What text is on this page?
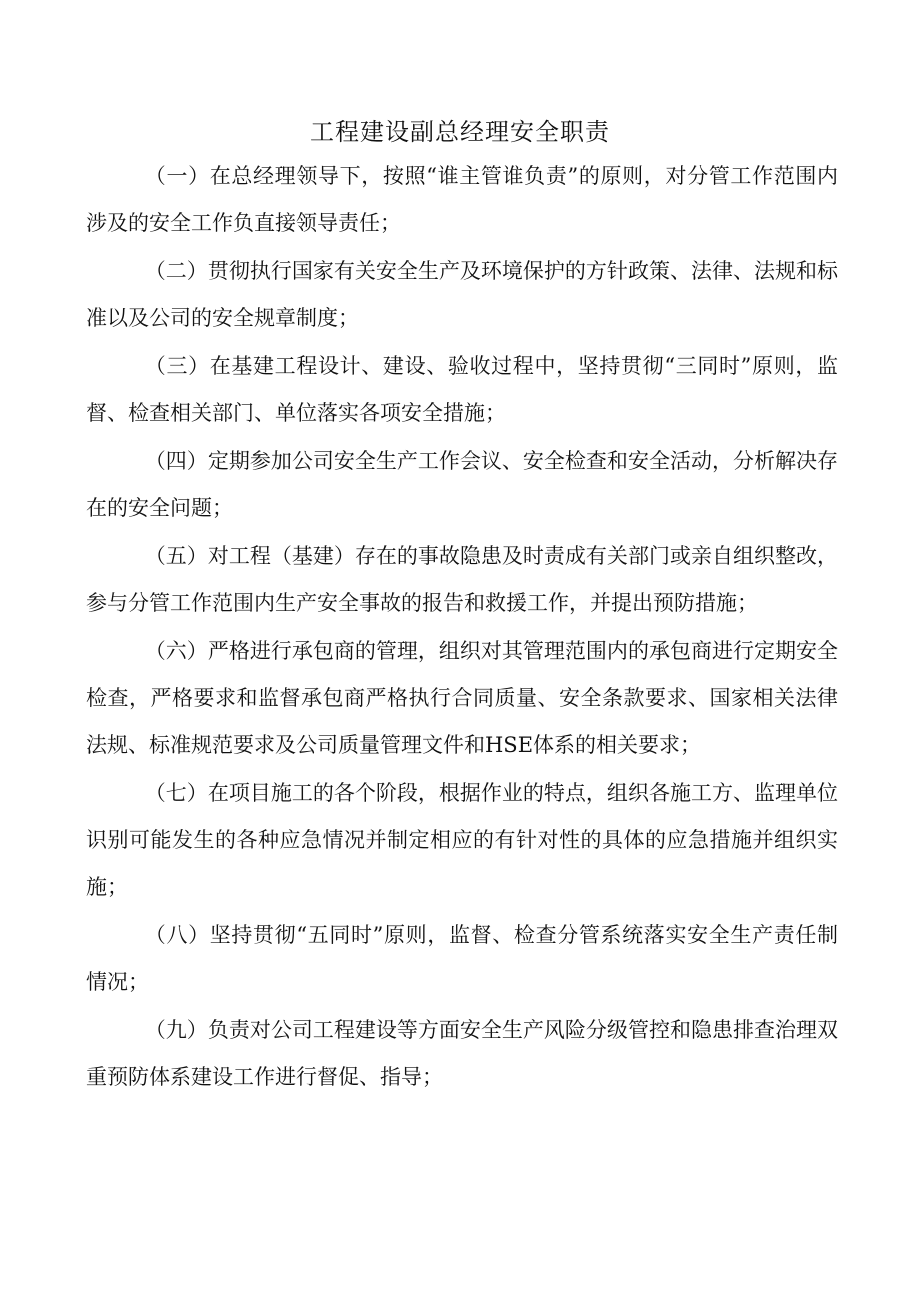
工程建设副总经理安全职责

（一）在总经理领导下，按照“谁主管谁负责”的原则，对分管工作范围内涉及的安全工作负直接领导责任；

（二）贯彻执行国家有关安全生产及环境保护的方针政策、法律、法规和标准以及公司的安全规章制度；

（三）在基建工程设计、建设、验收过程中，坚持贯彻“三同时”原则，监督、检查相关部门、单位落实各项安全措施；

（四）定期参加公司安全生产工作会议、安全检查和安全活动，分析解决存在的安全问题；

（五）对工程（基建）存在的事故隐患及时责成有关部门或亲自组织整改，参与分管工作范围内生产安全事故的报告和救援工作，并提出预防措施；

（六）严格进行承包商的管理，组织对其管理范围内的承包商进行定期安全检查，严格要求和监督承包商严格执行合同质量、安全条款要求、国家相关法律法规、标准规范要求及公司质量管理文件和HSE体系的相关要求；

（七）在项目施工的各个阶段，根据作业的特点，组织各施工方、监理单位识别可能发生的各种应急情况并制定相应的有针对性的具体的应急措施并组织实施；

（八）坚持贯彻“五同时”原则，监督、检查分管系统落实安全生产责任制情况；

（九）负责对公司工程建设等方面安全生产风险分级管控和隐患排查治理双重预防体系建设工作进行督促、指导；
